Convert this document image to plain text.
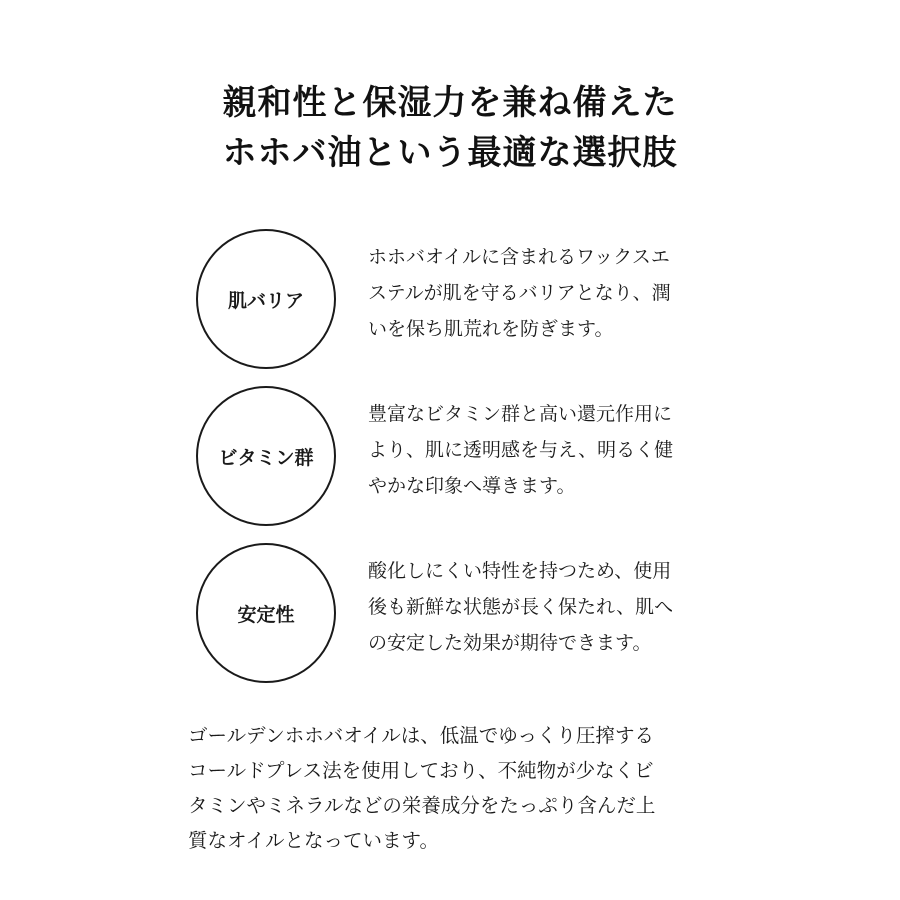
親和性と保湿力を兼ね備えた
ホホバ油という最適な選択肢
肌バリア
ホホバオイルに含まれるワックスエ
ステルが肌を守るバリアとなり、潤
いを保ち肌荒れを防ぎます。
ビタミン群
豊富なビタミン群と高い還元作用に
より、肌に透明感を与え、明るく健
やかな印象へ導きます。
安定性
酸化しにくい特性を持つため、使用
後も新鮮な状態が長く保たれ、肌へ
の安定した効果が期待できます。
ゴールデンホホバオイルは、低温でゆっくり圧搾する
コールドプレス法を使用しており、不純物が少なくビ
タミンやミネラルなどの栄養成分をたっぷり含んだ上
質なオイルとなっています。
